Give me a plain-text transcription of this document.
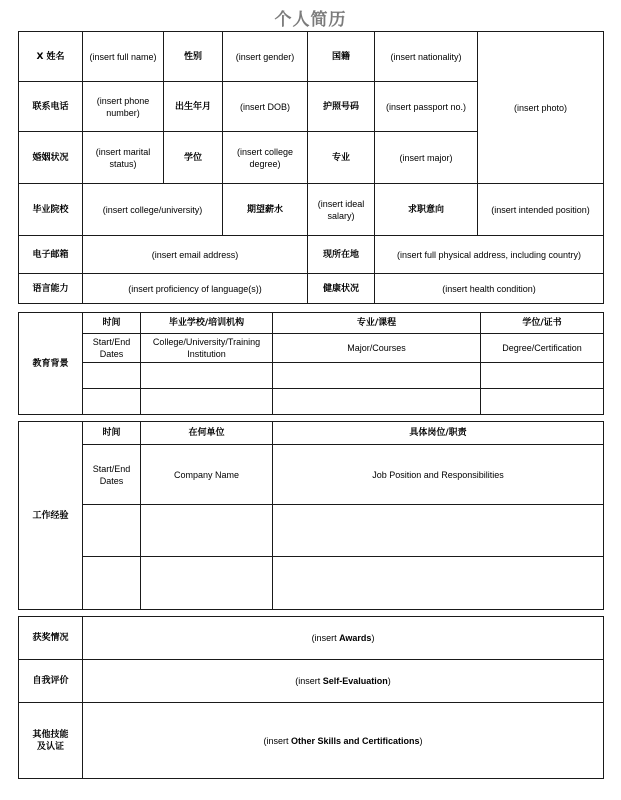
个人简历
X 姓名	(insert full name)	性别	(insert gender)	国籍	(insert nationality)	(insert photo)
联系电话	(insert phone number)	出生年月	(insert DOB)	护照号码	(insert passport no.)	
婚姻状况	(insert marital status)	学位	(insert college degree)	专业	(insert major)	
毕业院校	(insert college/university)		期望薪水	(insert ideal salary)	求职意向	(insert intended position)
电子邮箱	(insert email address)			现所在地	(insert full physical address, including country)	
语言能力	(insert proficiency of language(s))			健康状况	(insert health condition)	
教育背景	时间	毕业学校/培训机构	专业/课程	学位/证书
	Start/End Dates	College/University/Training Institution	Major/Courses	Degree/Certification

工作经验	时间	在何单位	具体岗位/职责
	Start/End Dates	Company Name	Job Position and Responsibilities

获奖情况	(insert Awards)
自我评价	(insert Self-Evaluation)
其他技能
及认证	(insert Other Skills and Certifications)
